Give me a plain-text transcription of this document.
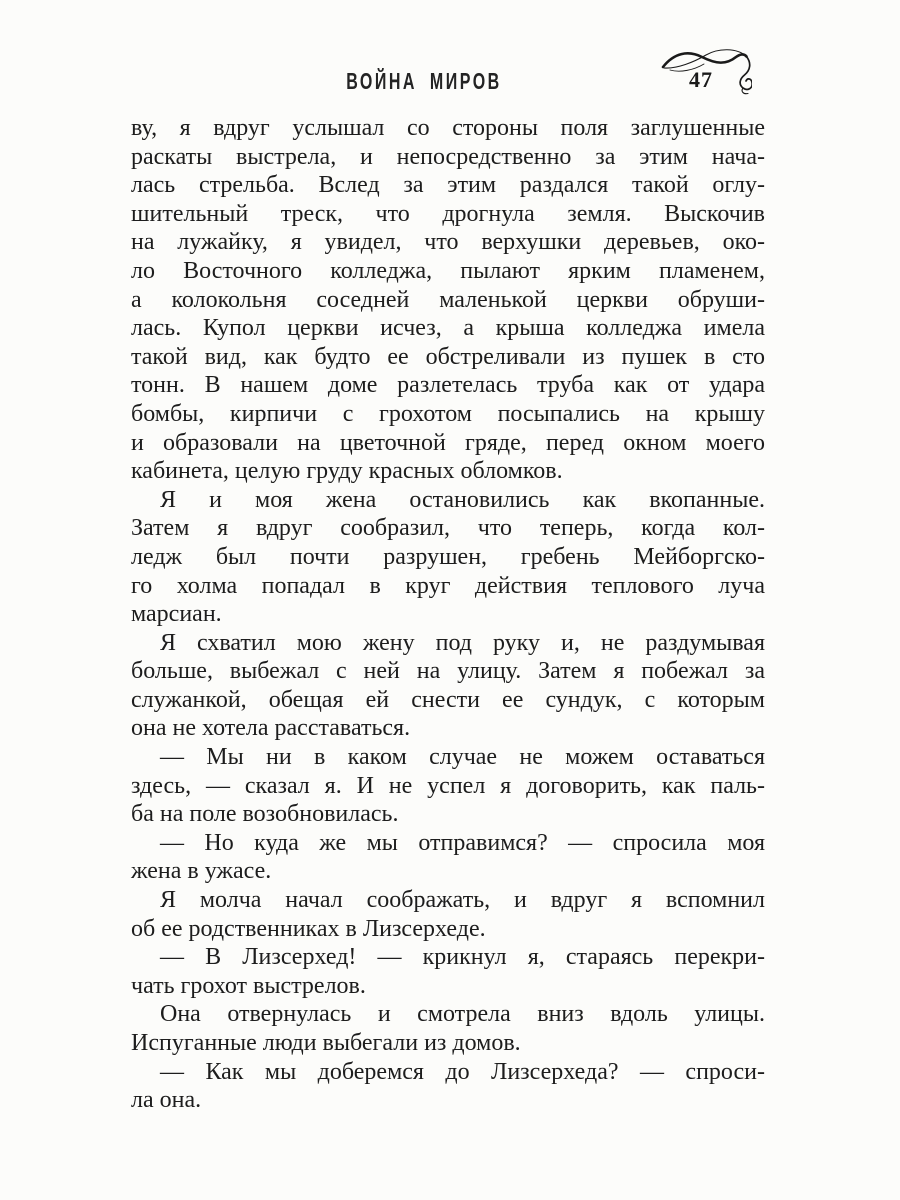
ВОЙНА МИРОВ	47
ву, я вдруг услышал со стороны поля заглушенные
раскаты выстрела, и непосредственно за этим нача-
лась стрельба. Вслед за этим раздался такой оглу-
шительный треск, что дрогнула земля. Выскочив
на лужайку, я увидел, что верхушки деревьев, око-
ло Восточного колледжа, пылают ярким пламенем,
а колокольня соседней маленькой церкви обруши-
лась. Купол церкви исчез, а крыша колледжа имела
такой вид, как будто ее обстреливали из пушек в сто
тонн. В нашем доме разлетелась труба как от удара
бомбы, кирпичи с грохотом посыпались на крышу
и образовали на цветочной гряде, перед окном моего
кабинета, целую груду красных обломков.
Я и моя жена остановились как вкопанные.
Затем я вдруг сообразил, что теперь, когда кол-
ледж был почти разрушен, гребень Мейборгско-
го холма попадал в круг действия теплового луча
марсиан.
Я схватил мою жену под руку и, не раздумывая
больше, выбежал с ней на улицу. Затем я побежал за
служанкой, обещая ей снести ее сундук, с которым
она не хотела расставаться.
— Мы ни в каком случае не можем оставаться
здесь, — сказал я. И не успел я договорить, как паль-
ба на поле возобновилась.
— Но куда же мы отправимся? — спросила моя
жена в ужасе.
Я молча начал соображать, и вдруг я вспомнил
об ее родственниках в Лизсерхеде.
— В Лизсерхед! — крикнул я, стараясь перекри-
чать грохот выстрелов.
Она отвернулась и смотрела вниз вдоль улицы.
Испуганные люди выбегали из домов.
— Как мы доберемся до Лизсерхеда? — спроси-
ла она.
